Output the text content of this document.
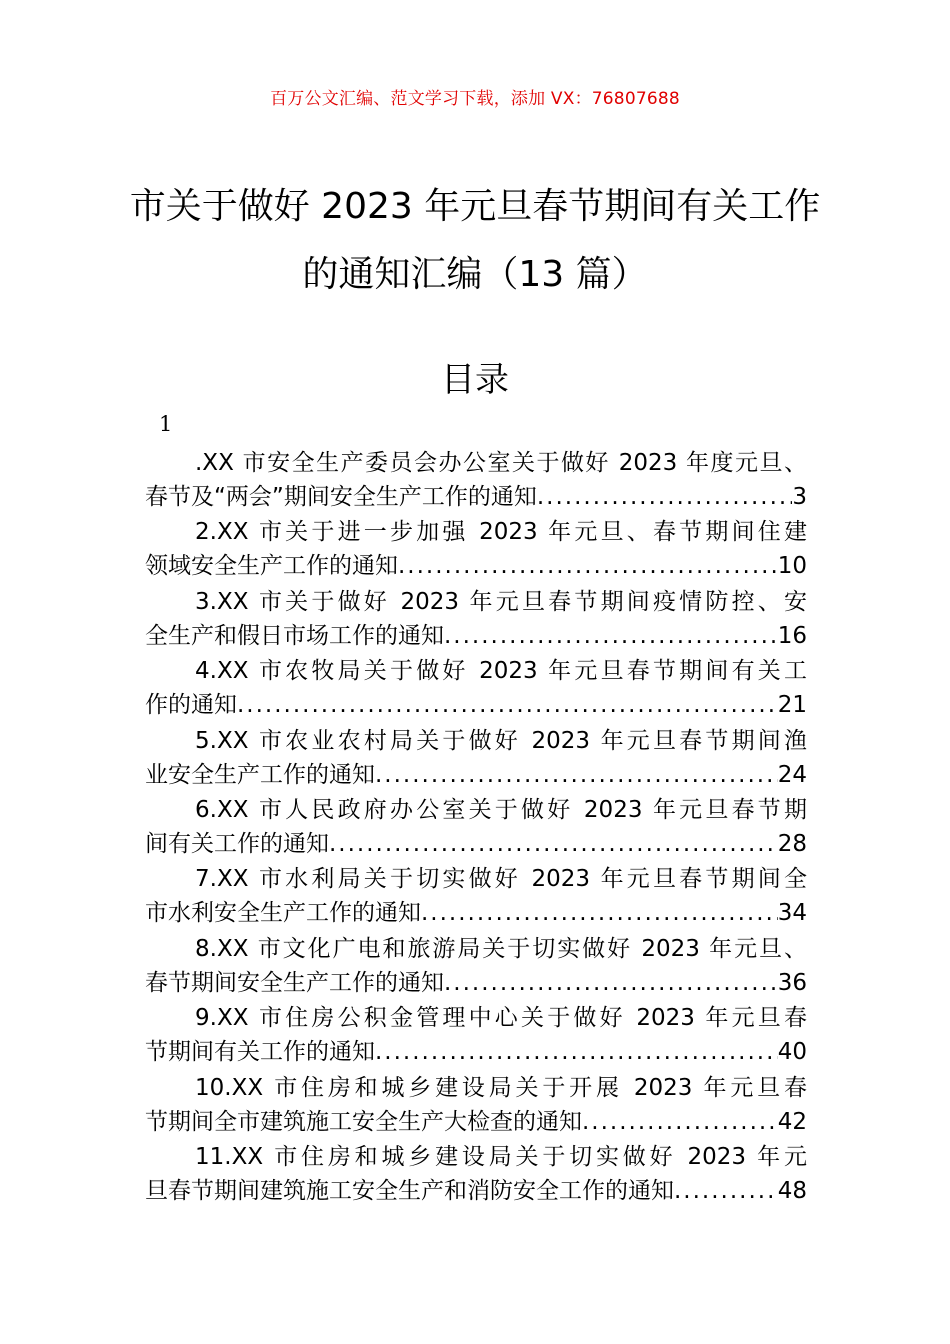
百万公文汇编、范文学习下载，添加 VX：76807688
市关于做好 2023 年元旦春节期间有关工作
的通知汇编（13 篇）
目录
1
.XX 市安全生产委员会办公室关于做好 2023 年度元旦、
春节及“两会”期间安全生产工作的通知 .....	3
2.XX 市关于进一步加强 2023 年元旦、春节期间住建
领域安全生产工作的通知 .....	10
3.XX 市关于做好 2023 年元旦春节期间疫情防控、安
全生产和假日市场工作的通知 .....	16
4.XX 市农牧局关于做好 2023 年元旦春节期间有关工
作的通知 .....	21
5.XX 市农业农村局关于做好 2023 年元旦春节期间渔
业安全生产工作的通知 .....	24
6.XX 市人民政府办公室关于做好 2023 年元旦春节期
间有关工作的通知 .....	28
7.XX 市水利局关于切实做好 2023 年元旦春节期间全
市水利安全生产工作的通知 .....	34
8.XX 市文化广电和旅游局关于切实做好 2023 年元旦、
春节期间安全生产工作的通知 .....	36
9.XX 市住房公积金管理中心关于做好 2023 年元旦春
节期间有关工作的通知 .....	40
10.XX 市住房和城乡建设局关于开展 2023 年元旦春
节期间全市建筑施工安全生产大检查的通知 .....	42
11.XX 市住房和城乡建设局关于切实做好 2023 年元
旦春节期间建筑施工安全生产和消防安全工作的通知 .....	48
